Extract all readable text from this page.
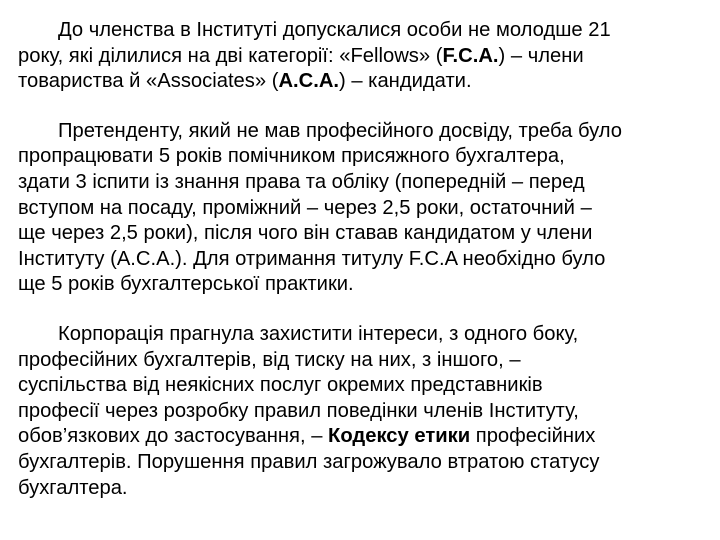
До членства в Інституті допускалися особи не молодше 21
року, які ділилися на дві категорії: «Fellows» (F.C.A.) – члени
товариства й «Associates» (A.C.A.) – кандидати.

Претенденту, який не мав професійного досвіду, треба було
пропрацювати 5 років помічником присяжного бухгалтера,
здати 3 іспити із знання права та обліку (попередній – перед
вступом на посаду, проміжний – через 2,5 роки, остаточний –
ще через 2,5 роки), після чого він ставав кандидатом у члени
Інституту (A.C.A.). Для отримання титулу F.C.A необхідно було
ще 5 років бухгалтерської практики.

Корпорація прагнула захистити інтереси, з одного боку,
професійних бухгалтерів, від тиску на них, з іншого, –
суспільства від неякісних послуг окремих представників
професії через розробку правил поведінки членів Інституту,
обов’язкових до застосування, – Кодексу етики професійних
бухгалтерів. Порушення правил загрожувало втратою статусу
бухгалтера.
